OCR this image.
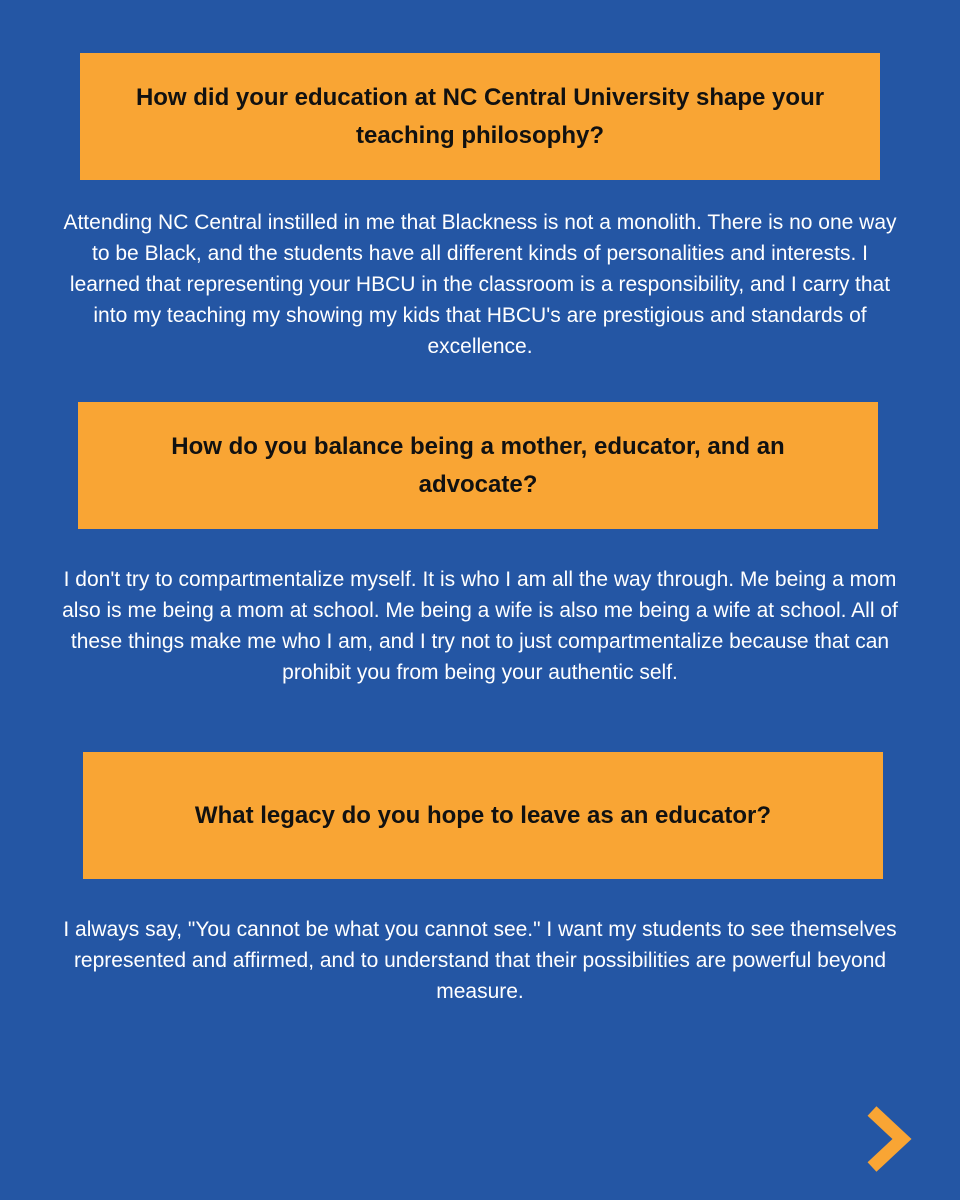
How did your education at NC Central University shape your teaching philosophy?

Attending NC Central instilled in me that Blackness is not a monolith. There is no one way to be Black, and the students have all different kinds of personalities and interests. I learned that representing your HBCU in the classroom is a responsibility, and I carry that into my teaching my showing my kids that HBCU's are prestigious and standards of excellence.

How do you balance being a mother, educator, and an advocate?

I don't try to compartmentalize myself. It is who I am all the way through. Me being a mom also is me being a mom at school. Me being a wife is also me being a wife at school. All of these things make me who I am, and I try not to just compartmentalize because that can prohibit you from being your authentic self.

What legacy do you hope to leave as an educator?

I always say, "You cannot be what you cannot see." I want my students to see themselves represented and affirmed, and to understand that their possibilities are powerful beyond measure.
